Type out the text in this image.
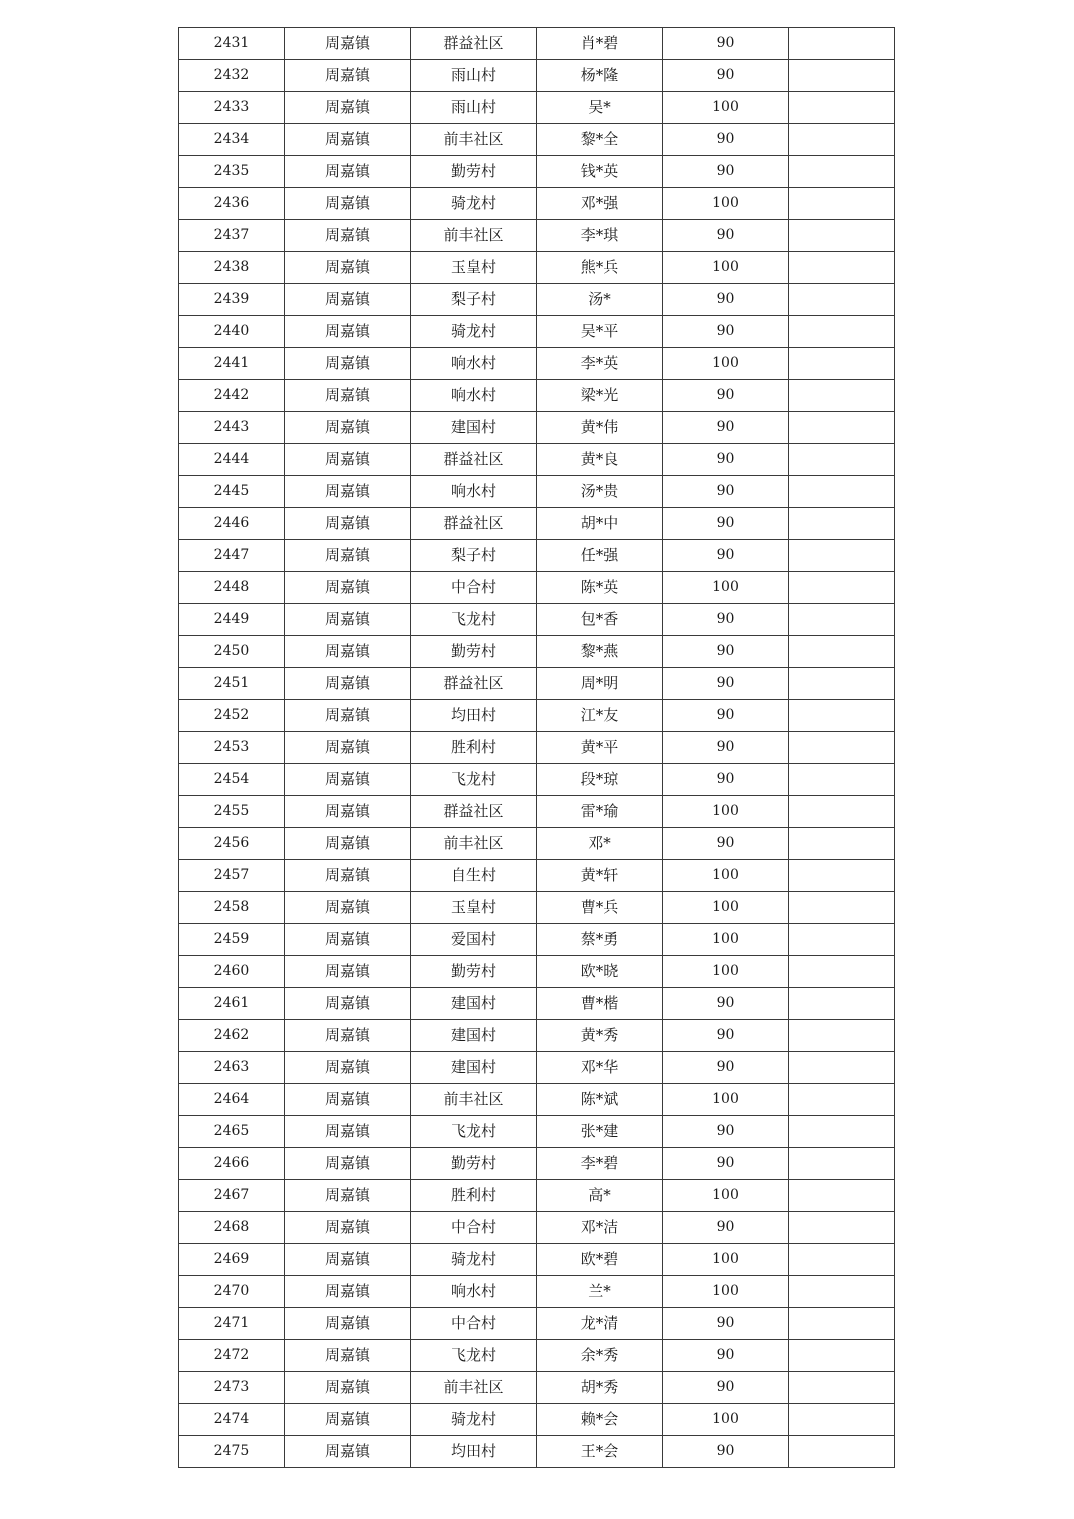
2431	周嘉镇	群益社区	肖*碧	90	
2432	周嘉镇	雨山村	杨*隆	90	
2433	周嘉镇	雨山村	吴*	100	
2434	周嘉镇	前丰社区	黎*全	90	
2435	周嘉镇	勤劳村	钱*英	90	
2436	周嘉镇	骑龙村	邓*强	100	
2437	周嘉镇	前丰社区	李*琪	90	
2438	周嘉镇	玉皇村	熊*兵	100	
2439	周嘉镇	梨子村	汤*	90	
2440	周嘉镇	骑龙村	吴*平	90	
2441	周嘉镇	响水村	李*英	100	
2442	周嘉镇	响水村	梁*光	90	
2443	周嘉镇	建国村	黄*伟	90	
2444	周嘉镇	群益社区	黄*良	90	
2445	周嘉镇	响水村	汤*贵	90	
2446	周嘉镇	群益社区	胡*中	90	
2447	周嘉镇	梨子村	任*强	90	
2448	周嘉镇	中合村	陈*英	100	
2449	周嘉镇	飞龙村	包*香	90	
2450	周嘉镇	勤劳村	黎*燕	90	
2451	周嘉镇	群益社区	周*明	90	
2452	周嘉镇	均田村	江*友	90	
2453	周嘉镇	胜利村	黄*平	90	
2454	周嘉镇	飞龙村	段*琼	90	
2455	周嘉镇	群益社区	雷*瑜	100	
2456	周嘉镇	前丰社区	邓*	90	
2457	周嘉镇	自生村	黄*轩	100	
2458	周嘉镇	玉皇村	曹*兵	100	
2459	周嘉镇	爱国村	蔡*勇	100	
2460	周嘉镇	勤劳村	欧*晓	100	
2461	周嘉镇	建国村	曹*楷	90	
2462	周嘉镇	建国村	黄*秀	90	
2463	周嘉镇	建国村	邓*华	90	
2464	周嘉镇	前丰社区	陈*斌	100	
2465	周嘉镇	飞龙村	张*建	90	
2466	周嘉镇	勤劳村	李*碧	90	
2467	周嘉镇	胜利村	高*	100	
2468	周嘉镇	中合村	邓*洁	90	
2469	周嘉镇	骑龙村	欧*碧	100	
2470	周嘉镇	响水村	兰*	100	
2471	周嘉镇	中合村	龙*清	90	
2472	周嘉镇	飞龙村	余*秀	90	
2473	周嘉镇	前丰社区	胡*秀	90	
2474	周嘉镇	骑龙村	赖*会	100	
2475	周嘉镇	均田村	王*会	90	
